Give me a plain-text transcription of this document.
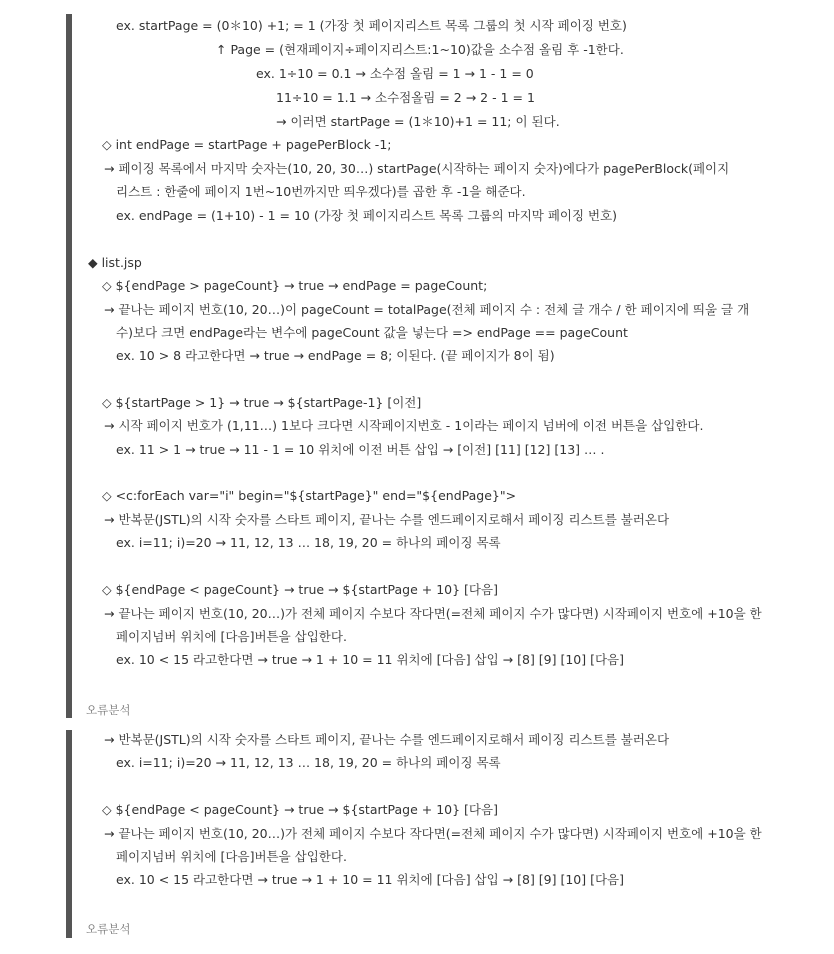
ex. startPage = (0＊10) +1; = 1 (가장 첫 페이지리스트 목록 그룹의 첫 시작 페이징 번호)
↑ Page = (현재페이지÷페이지리스트:1~10)값을 소수점 올림 후 -1한다.
ex. 1÷10 = 0.1 → 소수점 올림 = 1 → 1 - 1 = 0
11÷10 = 1.1 → 소수점올림 = 2 → 2 - 1 = 1
→ 이러면 startPage = (1＊10)+1 = 11; 이 된다.
◇ int endPage = startPage + pagePerBlock -1;
→ 페이징 목록에서 마지막 숫자는(10, 20, 30…) startPage(시작하는 페이지 숫자)에다가 pagePerBlock(페이지
리스트 : 한줄에 페이지 1번~10번까지만 띄우겠다)를 곱한 후 -1을 해준다.
ex. endPage = (1+10) - 1 = 10 (가장 첫 페이지리스트 목록 그룹의 마지막 페이징 번호)
◆ list.jsp
◇ ${endPage > pageCount} → true → endPage = pageCount;
→ 끝나는 페이지 번호(10, 20…)이 pageCount = totalPage(전체 페이지 수 : 전체 글 개수 / 한 페이지에 띄울 글 개
수)보다 크면 endPage라는 변수에 pageCount 값을 넣는다 => endPage == pageCount
ex. 10 > 8 라고한다면 → true → endPage = 8; 이된다. (끝 페이지가 8이 됨)
◇ ${startPage > 1} → true → ${startPage-1} [이전]
→ 시작 페이지 번호가 (1,11…) 1보다 크다면 시작페이지번호 - 1이라는 페이지 넘버에 이전 버튼을 삽입한다.
ex. 11 > 1 → true → 11 - 1 = 10 위치에 이전 버튼 삽입 → [이전] [11] [12] [13] … .
◇ <c:forEach var="i" begin="${startPage}" end="${endPage}">
→ 반복문(JSTL)의 시작 숫자를 스타트 페이지, 끝나는 수를 엔드페이지로해서 페이징 리스트를 불러온다
ex. i=11; i)=20 → 11, 12, 13 … 18, 19, 20 = 하나의 페이징 목록
◇ ${endPage < pageCount} → true → ${startPage + 10} [다음]
→ 끝나는 페이지 번호(10, 20…)가 전체 페이지 수보다 작다면(=전체 페이지 수가 많다면) 시작페이지 번호에 +10을 한
페이지넘버 위치에 [다음]버튼을 삽입한다.
ex. 10 < 15 라고한다면 → true → 1 + 10 = 11 위치에 [다음] 삽입 → [8] [9] [10] [다음]
오류분석
→ 반복문(JSTL)의 시작 숫자를 스타트 페이지, 끝나는 수를 엔드페이지로해서 페이징 리스트를 불러온다
ex. i=11; i)=20 → 11, 12, 13 … 18, 19, 20 = 하나의 페이징 목록
◇ ${endPage < pageCount} → true → ${startPage + 10} [다음]
→ 끝나는 페이지 번호(10, 20…)가 전체 페이지 수보다 작다면(=전체 페이지 수가 많다면) 시작페이지 번호에 +10을 한
페이지넘버 위치에 [다음]버튼을 삽입한다.
ex. 10 < 15 라고한다면 → true → 1 + 10 = 11 위치에 [다음] 삽입 → [8] [9] [10] [다음]
오류분석
